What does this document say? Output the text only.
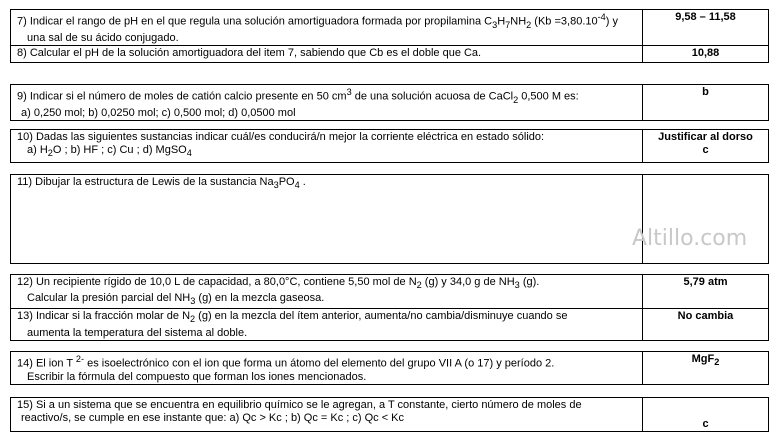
7) Indicar el rango de pH en el que regula una solución amortiguadora formada por propilamina $C_3H_7NH_2$ $(Kb =3,80.10^{-4})$ y
una sal de su ácido conjugado.	9,58 – 11,58
8) Calcular el pH de la solución amortiguadora del item 7, sabiendo que Cb es el doble que Ca.	10,88
9) Indicar si el número de moles de catión calcio presente en 50 $cm^3$ de una solución acuosa de CaCl$_2$ 0,500 M es:
a) 0,250 mol; b) 0,0250 mol; c) 0,500 mol; d) 0,0500 mol
	b
10) Dadas las siguientes sustancias indicar cuál/es conducirá/n mejor la corriente eléctrica en estado sólido:
a) $H_2O$ ; b) HF ; c) Cu ; d) MgSO$_4$
	Justificar al dorso
c
11) Dibujar la estructura de Lewis de la sustancia $Na_3PO_4$ .	
Altillo.com
12) Un recipiente rígido de 10,0 L de capacidad, a 80,0°C, contiene 5,50 mol de $N_2$ (g) y 34,0 g de $NH_3$ (g).
Calcular la presión parcial del $NH_3$ (g) en la mezcla gaseosa.	5,79 atm
13) Indicar si la fracción molar de $N_2$ (g) en la mezcla del ítem anterior, aumenta/no cambia/disminuye cuando se
aumenta la temperatura del sistema al doble.	No cambia
14) El ion T $^{2-}$ es isoelectrónico con el ion que forma un átomo del elemento del grupo VII A (o 17) y período 2.
Escribir la fórmula del compuesto que forman los iones mencionados.
	MgF$_2$
15) Si a un sistema que se encuentra en equilibrio químico se le agregan, a T constante, cierto número de moles de
reactivo/s, se cumple en ese instante que: a) Qc > Kc ; b) Qc = Kc ; c) Qc < Kc	c
